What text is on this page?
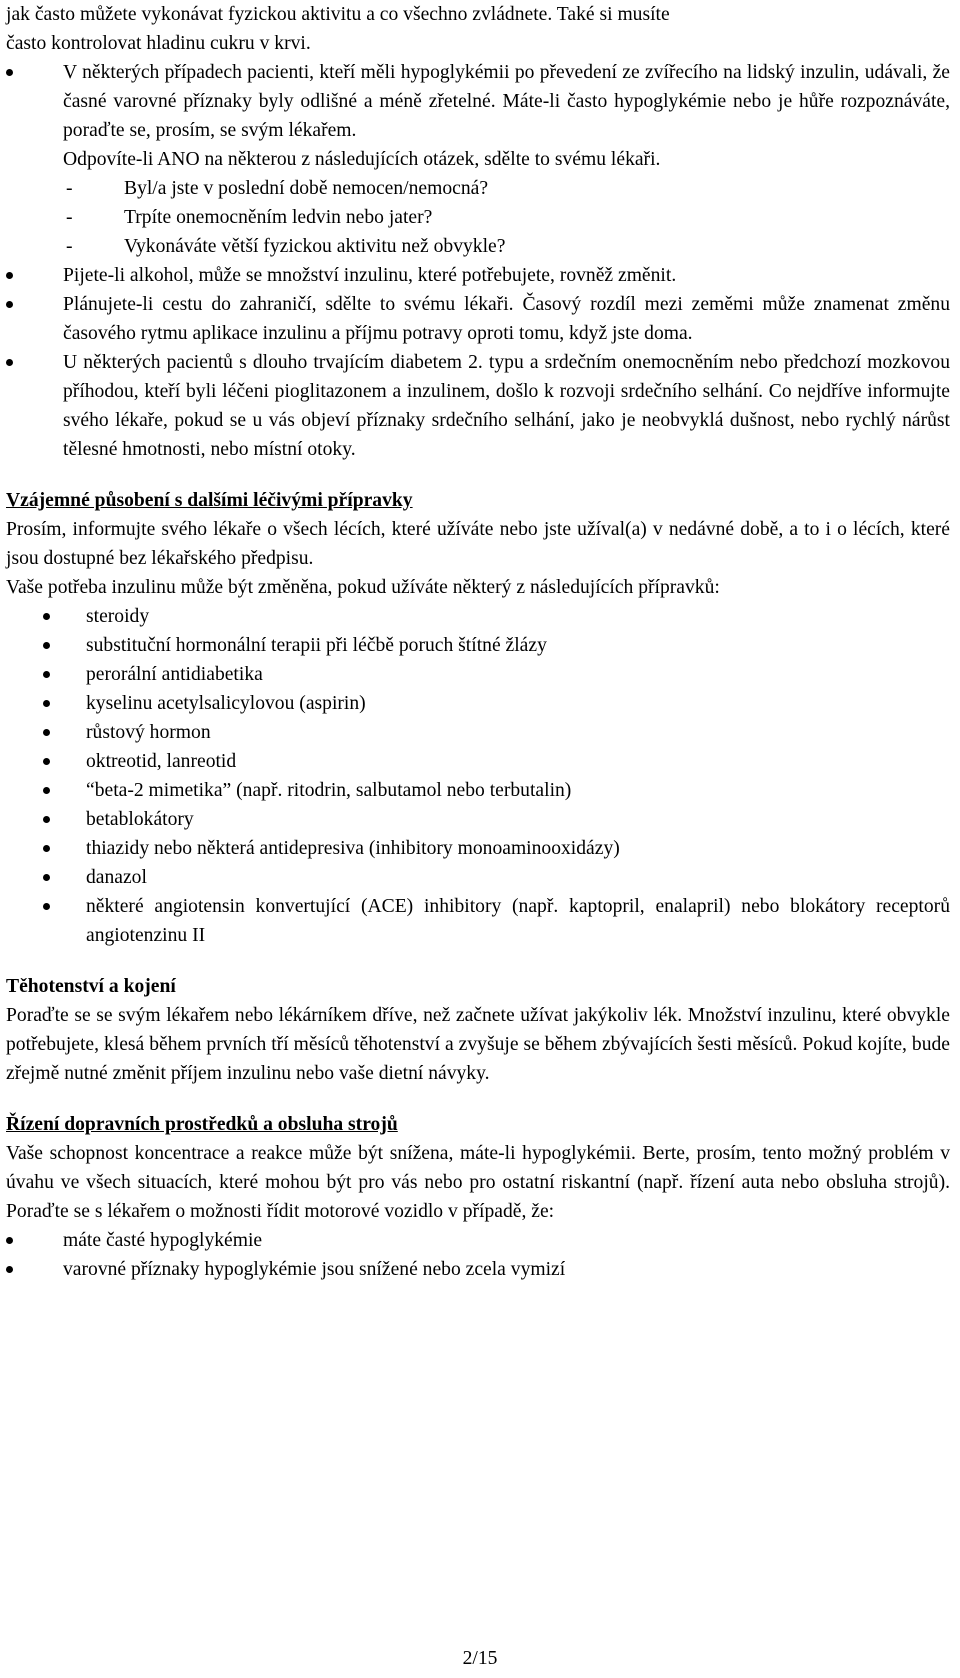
jak často můžete vykonávat fyzickou aktivitu a co všechno zvládnete. Také si musíte

často kontrolovat hladinu cukru v krvi.

V některých případech pacienti, kteří měli hypoglykémii po převedení ze zvířecího na lidský inzulin, udávali, že časné varovné příznaky byly odlišné a méně zřetelné. Máte-li často hypoglykémie nebo je hůře rozpoznáváte, poraďte se, prosím, se svým lékařem.
Odpovíte-li ANO na některou z následujících otázek, sdělte to svému lékaři.
-	Byl/a jste v poslední době nemocen/nemocná?
-	Trpíte onemocněním ledvin nebo jater?
-	Vykonáváte větší fyzickou aktivitu než obvykle?
Pijete-li alkohol, může se množství inzulinu, které potřebujete, rovněž změnit.
Plánujete-li cestu do zahraničí, sdělte to svému lékaři. Časový rozdíl mezi zeměmi může znamenat změnu časového rytmu aplikace inzulinu a příjmu potravy oproti tomu, když jste doma.
U některých pacientů s dlouho trvajícím diabetem 2. typu a srdečním onemocněním nebo předchozí mozkovou příhodou, kteří byli léčeni pioglitazonem a inzulinem, došlo k rozvoji srdečního selhání. Co nejdříve informujte svého lékaře, pokud se u vás objeví příznaky srdečního selhání, jako je neobvyklá dušnost, nebo rychlý nárůst tělesné hmotnosti, nebo místní otoky.

Vzájemné působení s dalšími léčivými přípravky

Prosím, informujte svého lékaře o všech lécích, které užíváte nebo jste užíval(a) v nedávné době, a to i o lécích, které jsou dostupné bez lékařského předpisu.

Vaše potřeba inzulinu může být změněna, pokud užíváte některý z následujících přípravků:

steroidy
substituční hormonální terapii při léčbě poruch štítné žlázy
perorální antidiabetika
kyselinu acetylsalicylovou (aspirin)
růstový hormon
oktreotid, lanreotid
“beta-2 mimetika” (např. ritodrin, salbutamol nebo terbutalin)
betablokátory
thiazidy nebo některá antidepresiva (inhibitory monoaminooxidázy)
danazol
některé angiotensin konvertující (ACE) inhibitory (např. kaptopril, enalapril) nebo blokátory receptorů angiotenzinu II

Těhotenství a kojení

Poraďte se se svým lékařem nebo lékárníkem dříve, než začnete užívat jakýkoliv lék. Množství inzulinu, které obvykle potřebujete, klesá během prvních tří měsíců těhotenství a zvyšuje se během zbývajících šesti měsíců. Pokud kojíte, bude zřejmě nutné změnit příjem inzulinu nebo vaše dietní návyky.

Řízení dopravních prostředků a obsluha strojů

Vaše schopnost koncentrace a reakce může být snížena, máte-li hypoglykémii. Berte, prosím, tento možný problém v úvahu ve všech situacích, které mohou být pro vás nebo pro ostatní riskantní (např. řízení auta nebo obsluha strojů). Poraďte se s lékařem o možnosti řídit motorové vozidlo v případě, že:

máte časté hypoglykémie
varovné příznaky hypoglykémie jsou snížené nebo zcela vymizí
2/15
